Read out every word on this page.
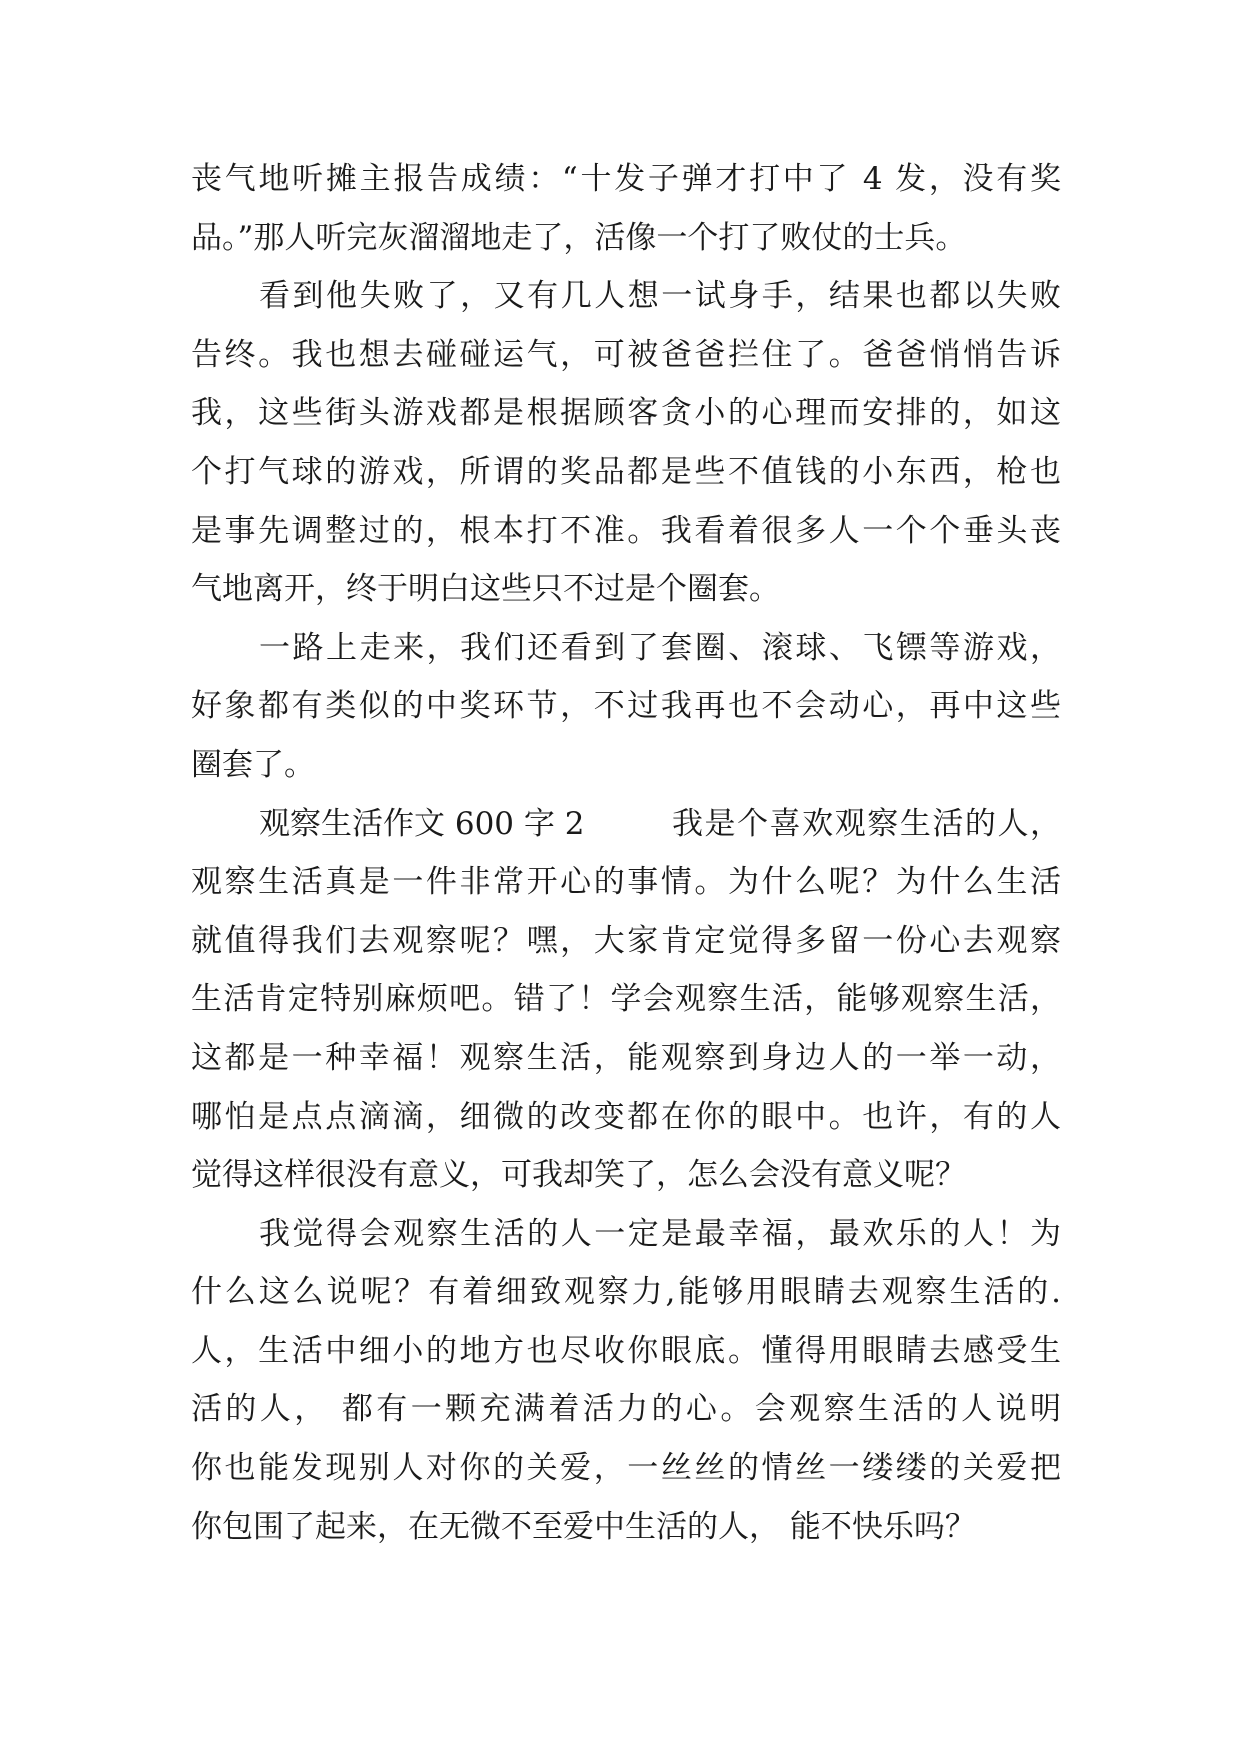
丧气地听摊主报告成绩：“十发子弹才打中了 4 发，没有奖
品。”那人听完灰溜溜地走了，活像一个打了败仗的士兵。
看到他失败了，又有几人想一试身手，结果也都以失败
告终。我也想去碰碰运气，可被爸爸拦住了。爸爸悄悄告诉
我，这些街头游戏都是根据顾客贪小的心理而安排的，如这
个打气球的游戏，所谓的奖品都是些不值钱的小东西，枪也
是事先调整过的，根本打不准。我看着很多人一个个垂头丧
气地离开，终于明白这些只不过是个圈套。
一路上走来，我们还看到了套圈、滚球、飞镖等游戏，
好象都有类似的中奖环节，不过我再也不会动心，再中这些
圈套了。
观察生活作文 600 字 2	我是个喜欢观察生活的人，
观察生活真是一件非常开心的事情。为什么呢？为什么生活
就值得我们去观察呢？嘿，大家肯定觉得多留一份心去观察
生活肯定特别麻烦吧。错了！学会观察生活，能够观察生活，
这都是一种幸福！观察生活，能观察到身边人的一举一动，
哪怕是点点滴滴，细微的改变都在你的眼中。也许，有的人
觉得这样很没有意义，可我却笑了，怎么会没有意义呢？
我觉得会观察生活的人一定是最幸福，最欢乐的人！为
什么这么说呢？有着细致观察力,能够用眼睛去观察生活的.
人，生活中细小的地方也尽收你眼底。懂得用眼睛去感受生
活的人， 都有一颗充满着活力的心。会观察生活的人说明
你也能发现别人对你的关爱，一丝丝的情丝一缕缕的关爱把
你包围了起来，在无微不至爱中生活的人， 能不快乐吗？
